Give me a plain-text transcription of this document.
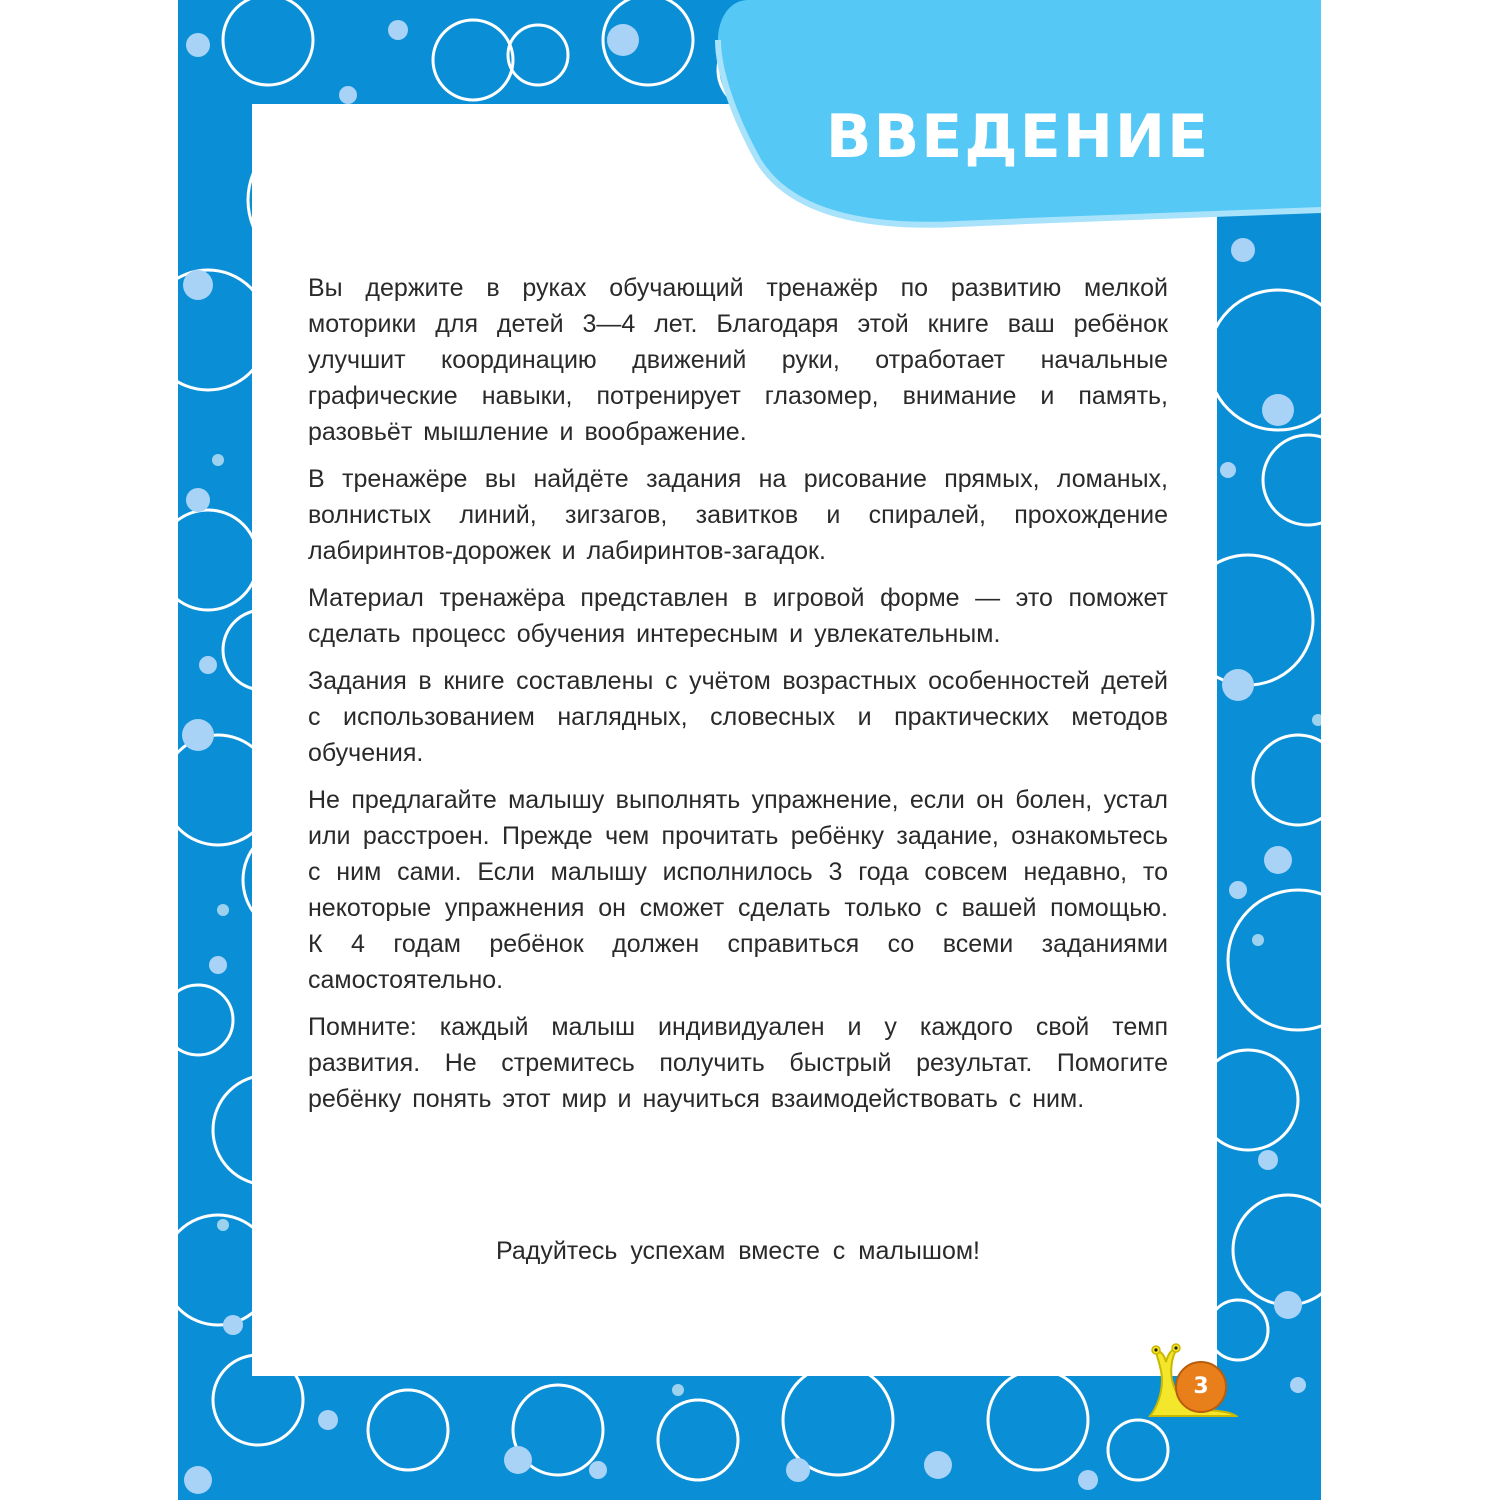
ВВЕДЕНИЕ

Вы держите в руках обучающий тренажёр по развитию мелкой моторики для детей 3—4 лет. Благодаря этой книге ваш ребёнок улучшит координацию движений руки, отработает начальные графические навыки, потренирует глазомер, внимание и память, разовьёт мышление и воображение.

В тренажёре вы найдёте задания на рисование прямых, ломаных, волнистых линий, зигзагов, завитков и спиралей, прохождение лабиринтов-дорожек и лабиринтов-загадок.

Материал тренажёра представлен в игровой форме — это поможет сделать процесс обучения интересным и увлекательным.

Задания в книге составлены с учётом возрастных особенностей детей с использованием наглядных, словесных и практических методов обучения.

Не предлагайте малышу выполнять упражнение, если он болен, устал или расстроен. Прежде чем прочитать ребёнку задание, ознакомьтесь с ним сами. Если малышу исполнилось 3 года совсем недавно, то некоторые упражнения он сможет сделать только с вашей помощью. К 4 годам ребёнок должен справиться со всеми заданиями самостоятельно.

Помните: каждый малыш индивидуален и у каждого свой темп развития. Не стремитесь получить быстрый результат. Помогите ребёнку понять этот мир и научиться взаимодействовать с ним.

Радуйтесь успехам вместе с малышом!
3
